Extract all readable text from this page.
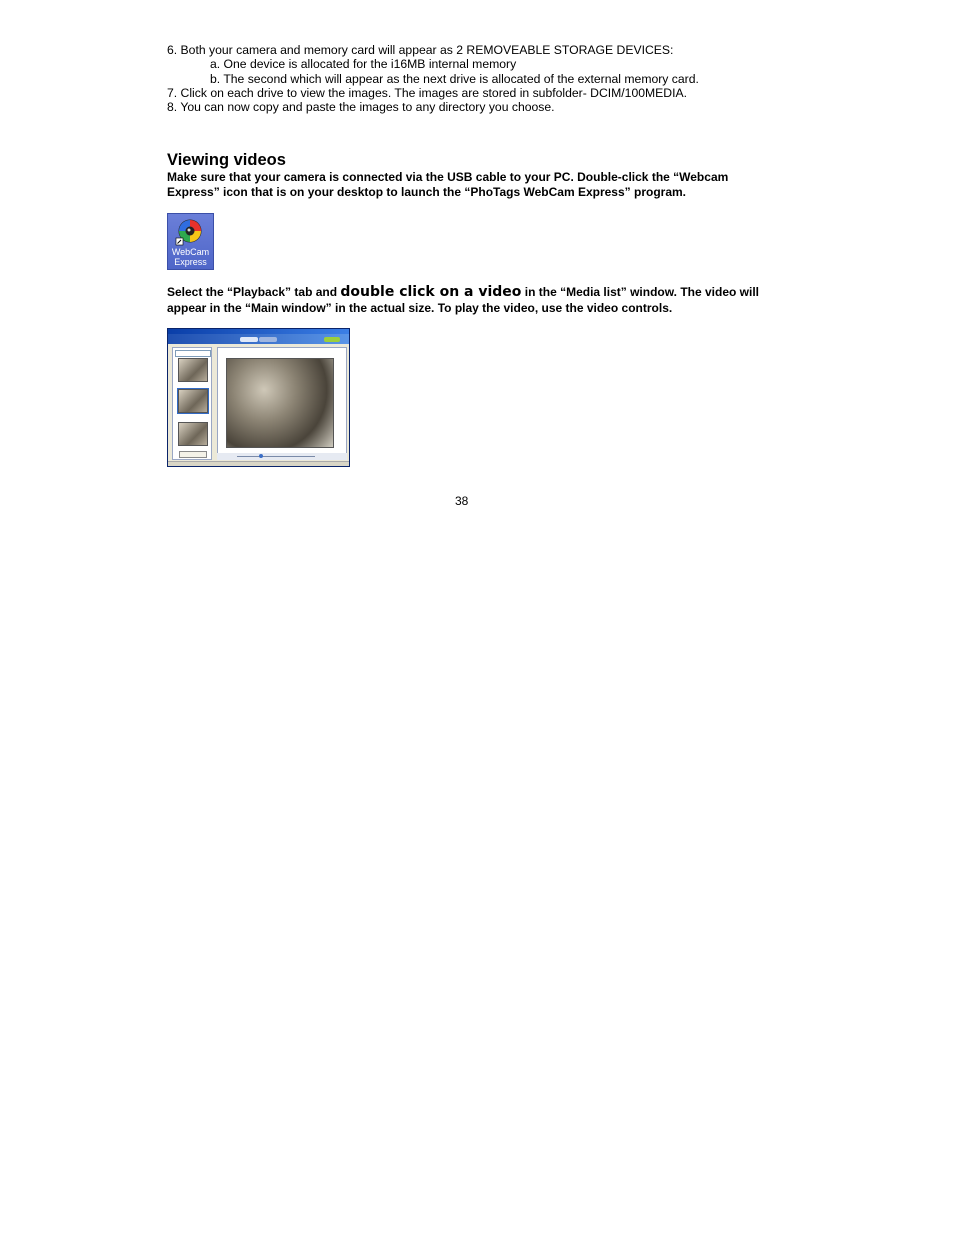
6. Both your camera and memory card will appear as 2 REMOVEABLE STORAGE DEVICES:
a. One device is allocated for the i16MB internal memory
b. The second which will appear as the next drive is allocated of the external memory card.
7. Click on each drive to view the images. The images are stored in subfolder- DCIM/100MEDIA.
8. You can now copy and paste the images to any directory you choose.
Viewing videos
Make sure that your camera is connected via the USB cable to your PC. Double-click the “Webcam
Express” icon that is on your desktop to launch the “PhoTags WebCam Express” program.
WebCam
Express
Select the “Playback” tab and double click on a video in the “Media list” window. The video will
appear in the “Main window” in the actual size. To play the video, use the video controls.
38
